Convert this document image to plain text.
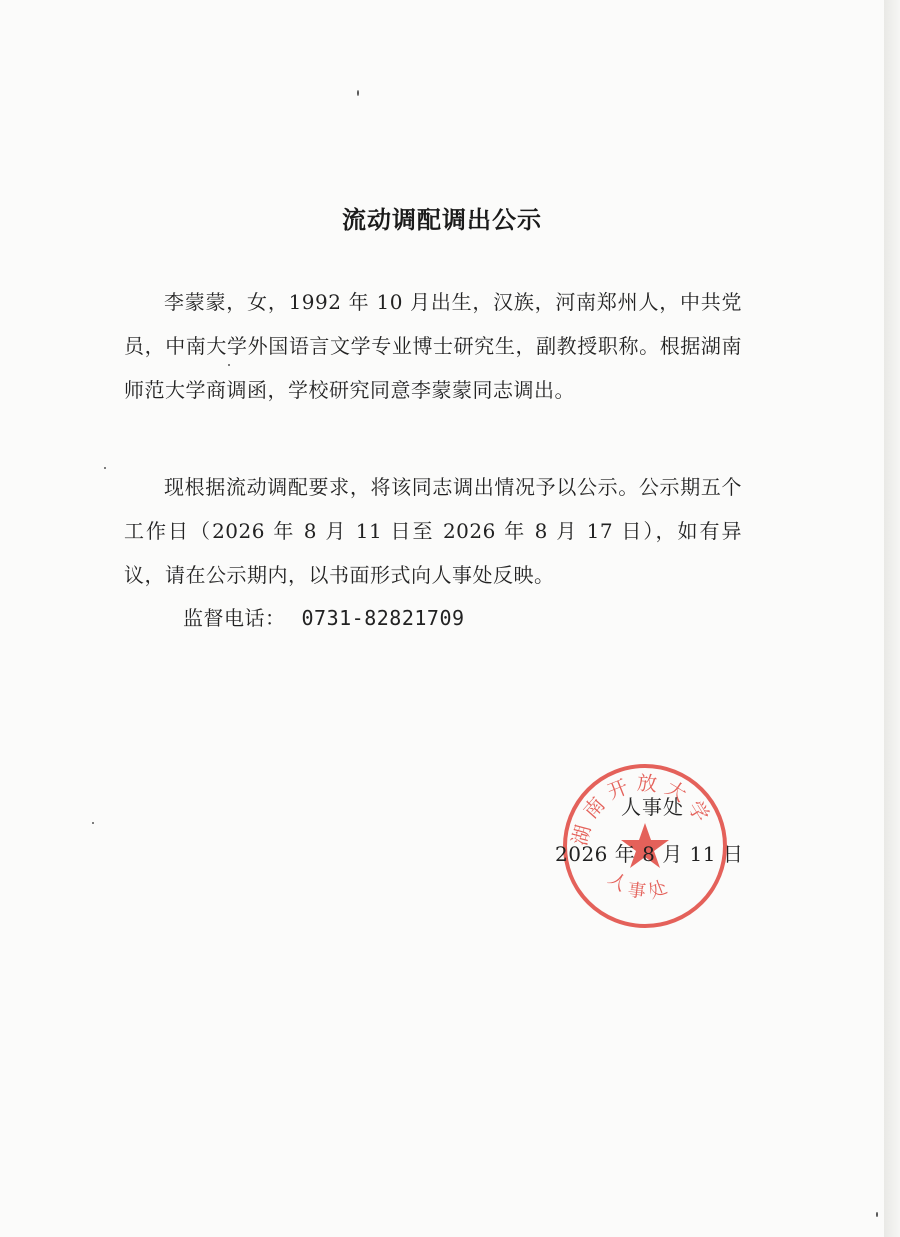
流动调配调出公示
李蒙蒙，女，1992 年 10 月出生，汉族，河南郑州人，中共党员，中南大学外国语言文学专业博士研究生，副教授职称。根据湖南师范大学商调函，学校研究同意李蒙蒙同志调出。
现根据流动调配要求，将该同志调出情况予以公示。公示期五个工作日（2026 年 8 月 11 日至 2026 年 8 月 17 日），如有异议，请在公示期内，以书面形式向人事处反映。
监督电话： 0731-82821709
湖南开放大学
人事处
人事处
2026 年 8 月 11 日
